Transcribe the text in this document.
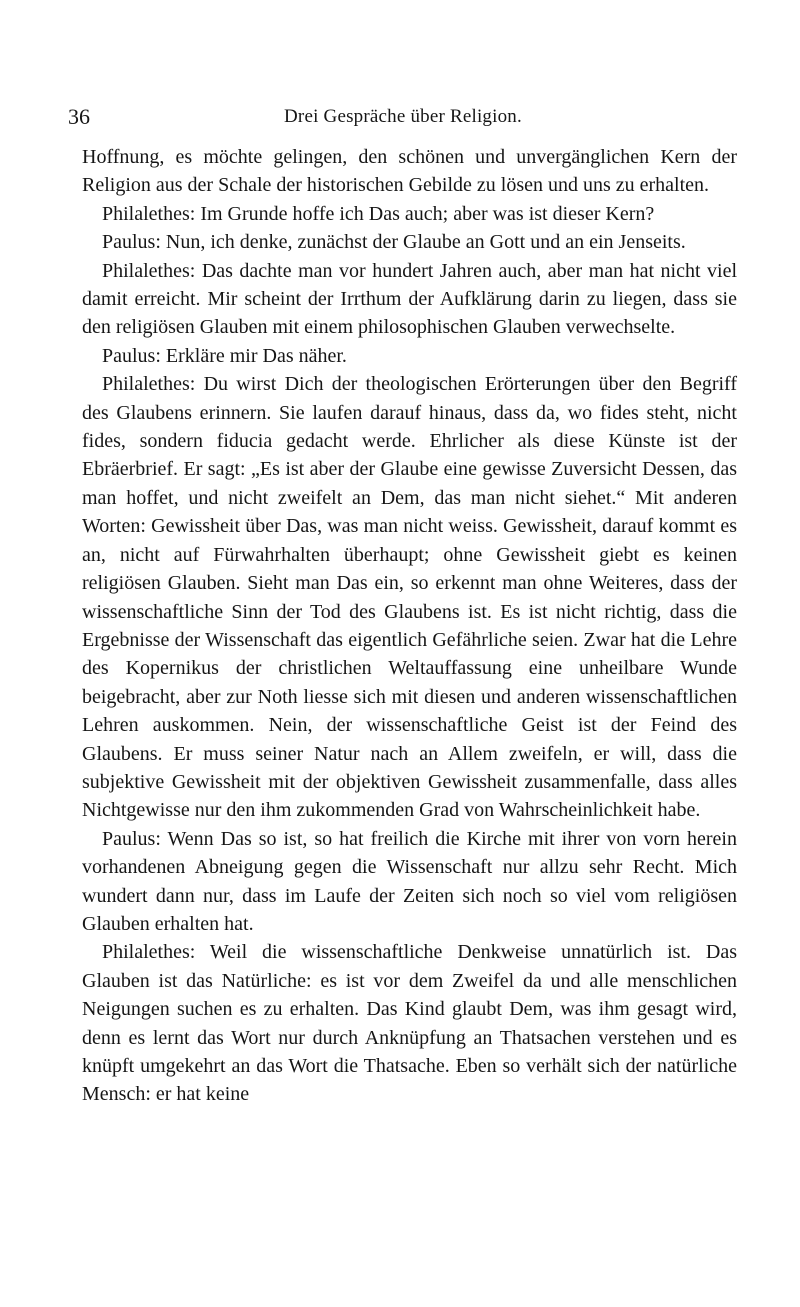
36	Drei Gespräche über Religion.

Hoffnung, es möchte gelingen, den schönen und unvergänglichen Kern der Religion aus der Schale der historischen Gebilde zu lösen und uns zu erhalten.

Philalethes: Im Grunde hoffe ich Das auch; aber was ist dieser Kern?

Paulus: Nun, ich denke, zunächst der Glaube an Gott und an ein Jenseits.

Philalethes: Das dachte man vor hundert Jahren auch, aber man hat nicht viel damit erreicht. Mir scheint der Irrthum der Aufklärung darin zu liegen, dass sie den religiösen Glauben mit einem philosophischen Glauben verwechselte.

Paulus: Erkläre mir Das näher.

Philalethes: Du wirst Dich der theologischen Erörterungen über den Begriff des Glaubens erinnern. Sie laufen darauf hinaus, dass da, wo fides steht, nicht fides, sondern fiducia gedacht werde. Ehrlicher als diese Künste ist der Ebräerbrief. Er sagt: „Es ist aber der Glaube eine gewisse Zuversicht Dessen, das man hoffet, und nicht zweifelt an Dem, das man nicht siehet.“ Mit anderen Worten: Gewissheit über Das, was man nicht weiss. Gewissheit, darauf kommt es an, nicht auf Fürwahrhalten überhaupt; ohne Gewissheit giebt es keinen religiösen Glauben. Sieht man Das ein, so erkennt man ohne Weiteres, dass der wissenschaftliche Sinn der Tod des Glaubens ist. Es ist nicht richtig, dass die Ergebnisse der Wissenschaft das eigentlich Gefährliche seien. Zwar hat die Lehre des Kopernikus der christlichen Weltauffassung eine unheilbare Wunde beigebracht, aber zur Noth liesse sich mit diesen und anderen wissenschaftlichen Lehren auskommen. Nein, der wissenschaftliche Geist ist der Feind des Glaubens. Er muss seiner Natur nach an Allem zweifeln, er will, dass die subjektive Gewissheit mit der objektiven Gewissheit zusammenfalle, dass alles Nichtgewisse nur den ihm zukommenden Grad von Wahrscheinlichkeit habe.

Paulus: Wenn Das so ist, so hat freilich die Kirche mit ihrer von vorn herein vorhandenen Abneigung gegen die Wissenschaft nur allzu sehr Recht. Mich wundert dann nur, dass im Laufe der Zeiten sich noch so viel vom religiösen Glauben erhalten hat.

Philalethes: Weil die wissenschaftliche Denkweise unnatürlich ist. Das Glauben ist das Natürliche: es ist vor dem Zweifel da und alle menschlichen Neigungen suchen es zu erhalten. Das Kind glaubt Dem, was ihm gesagt wird, denn es lernt das Wort nur durch Anknüpfung an Thatsachen verstehen und es knüpft umgekehrt an das Wort die Thatsache. Eben so verhält sich der natürliche Mensch: er hat keine
